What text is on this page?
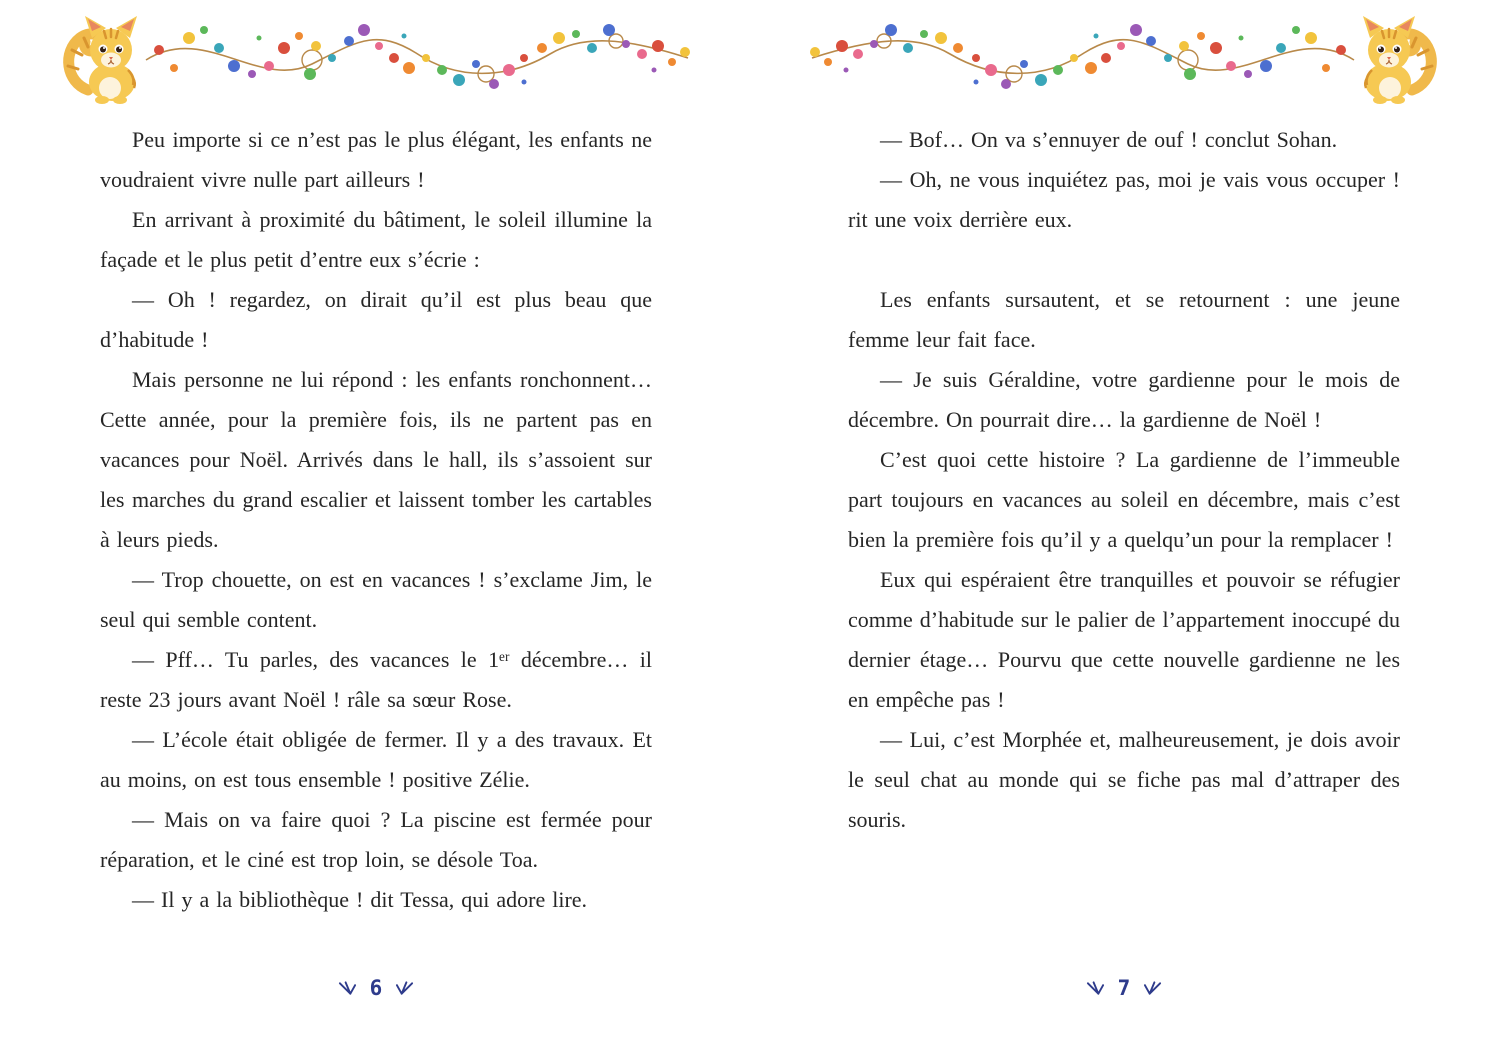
Peu importe si ce n’est pas le plus élégant, les enfants ne voudraient vivre nulle part ailleurs !

En arrivant à proximité du bâtiment, le soleil illumine la façade et le plus petit d’entre eux s’écrie :

— Oh ! regardez, on dirait qu’il est plus beau que d’habitude !

Mais personne ne lui répond : les enfants ronchonnent… Cette année, pour la première fois, ils ne partent pas en vacances pour Noël. Arrivés dans le hall, ils s’assoient sur les marches du grand escalier et laissent tomber les cartables à leurs pieds.

— Trop chouette, on est en vacances ! s’exclame Jim, le seul qui semble content.

— Pff… Tu parles, des vacances le 1ᵉʳ décembre… il reste 23 jours avant Noël ! râle sa sœur Rose.

— L’école était obligée de fermer. Il y a des travaux. Et au moins, on est tous ensemble ! positive Zélie.

— Mais on va faire quoi ? La piscine est fermée pour réparation, et le ciné est trop loin, se désole Toa.

— Il y a la bibliothèque ! dit Tessa, qui adore lire.

6

— Bof… On va s’ennuyer de ouf ! conclut Sohan.

— Oh, ne vous inquiétez pas, moi je vais vous occuper ! rit une voix derrière eux.

Les enfants sursautent, et se retournent : une jeune femme leur fait face.

— Je suis Géraldine, votre gardienne pour le mois de décembre. On pourrait dire… la gardienne de Noël !

C’est quoi cette histoire ? La gardienne de l’immeuble part toujours en vacances au soleil en décembre, mais c’est bien la première fois qu’il y a quelqu’un pour la remplacer !

Eux qui espéraient être tranquilles et pouvoir se réfugier comme d’habitude sur le palier de l’appartement inoccupé du dernier étage… Pourvu que cette nouvelle gardienne ne les en empêche pas !

— Lui, c’est Morphée et, malheureusement, je dois avoir le seul chat au monde qui se fiche pas mal d’attraper des souris.

7
